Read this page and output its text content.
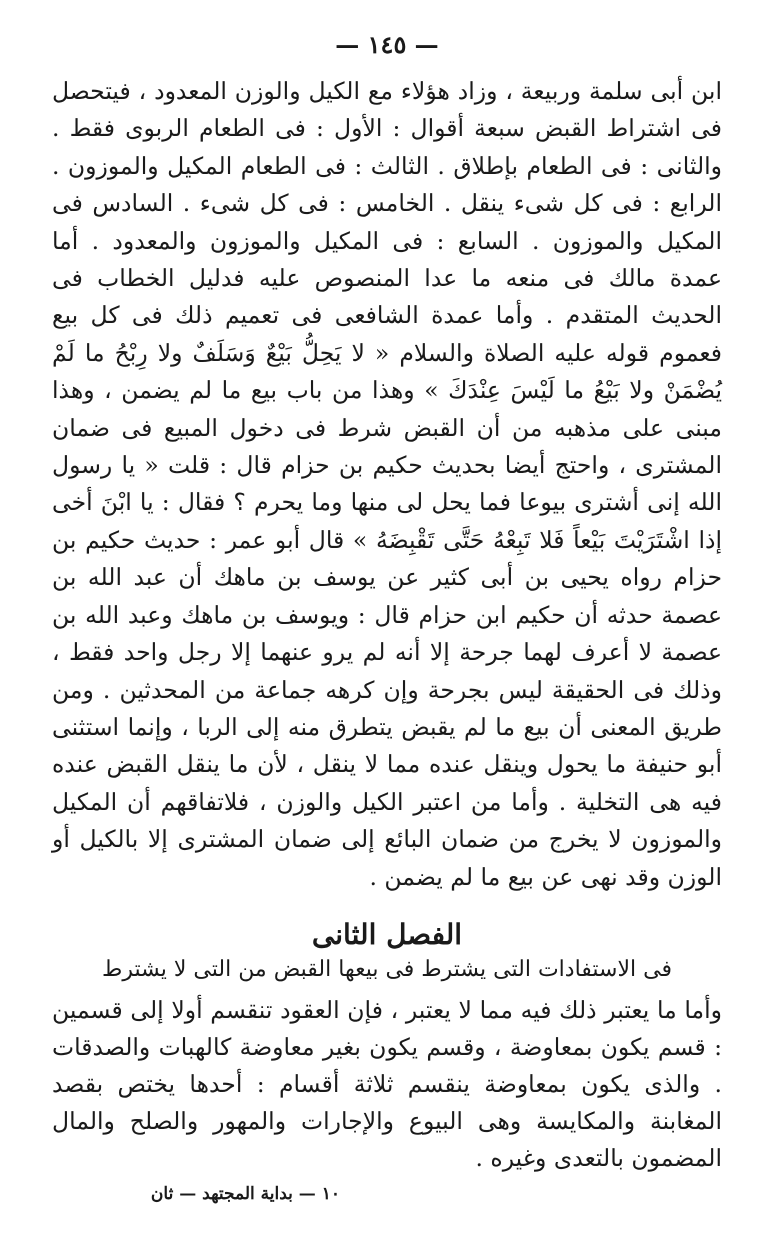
— ١٤٥ —

ابن أبى سلمة وربيعة ، وزاد هؤلاء مع الكيل والوزن المعدود ، فيتحصل فى اشتراط القبض سبعة أقوال : الأول : فى الطعام الربوى فقط . والثانى : فى الطعام بإطلاق . الثالث : فى الطعام المكيل والموزون . الرابع : فى كل شىء ينقل . الخامس : فى كل شىء . السادس فى المكيل والموزون . السابع : فى المكيل والموزون والمعدود . أما عمدة مالك فى منعه ما عدا المنصوص عليه فدليل الخطاب فى الحديث المتقدم . وأما عمدة الشافعى فى تعميم ذلك فى كل بيع فعموم قوله عليه الصلاة والسلام « لا يَحِلُّ بَيْعٌ وَسَلَفٌ ولا رِبْحُ ما لَمْ يُضْمَنْ ولا بَيْعُ ما لَيْسَ عِنْدَكَ » وهذا من باب بيع ما لم يضمن ، وهذا مبنى على مذهبه من أن القبض شرط فى دخول المبيع فى ضمان المشترى ، واحتج أيضا بحديث حكيم بن حزام قال : قلت « يا رسول الله إنى أشترى بيوعا فما يحل لى منها وما يحرم ؟ فقال : يا ابْنَ أخى إذا اشْتَرَيْتَ بَيْعاً فَلا تَبِعْهُ حَتَّى تَقْبِضَهُ » قال أبو عمر : حديث حكيم بن حزام رواه يحيى بن أبى كثير عن يوسف بن ماهك أن عبد الله بن عصمة حدثه أن حكيم ابن حزام قال : ويوسف بن ماهك وعبد الله بن عصمة لا أعرف لهما جرحة إلا أنه لم يرو عنهما إلا رجل واحد فقط ، وذلك فى الحقيقة ليس بجرحة وإن كرهه جماعة من المحدثين . ومن طريق المعنى أن بيع ما لم يقبض يتطرق منه إلى الربا ، وإنما استثنى أبو حنيفة ما يحول وينقل عنده مما لا ينقل ، لأن ما ينقل القبض عنده فيه هى التخلية . وأما من اعتبر الكيل والوزن ، فلاتفاقهم أن المكيل والموزون لا يخرج من ضمان البائع إلى ضمان المشترى إلا بالكيل أو الوزن وقد نهى عن بيع ما لم يضمن .

الفصل الثانى
فى الاستفادات التى يشترط فى بيعها القبض من التى لا يشترط

وأما ما يعتبر ذلك فيه مما لا يعتبر ، فإن العقود تنقسم أولا إلى قسمين : قسم يكون بمعاوضة ، وقسم يكون بغير معاوضة كالهبات والصدقات . والذى يكون بمعاوضة ينقسم ثلاثة أقسام : أحدها يختص بقصد المغابنة والمكايسة وهى البيوع والإجارات والمهور والصلح والمال المضمون بالتعدى وغيره .

١٠ — بداية المجتهد — ثان
